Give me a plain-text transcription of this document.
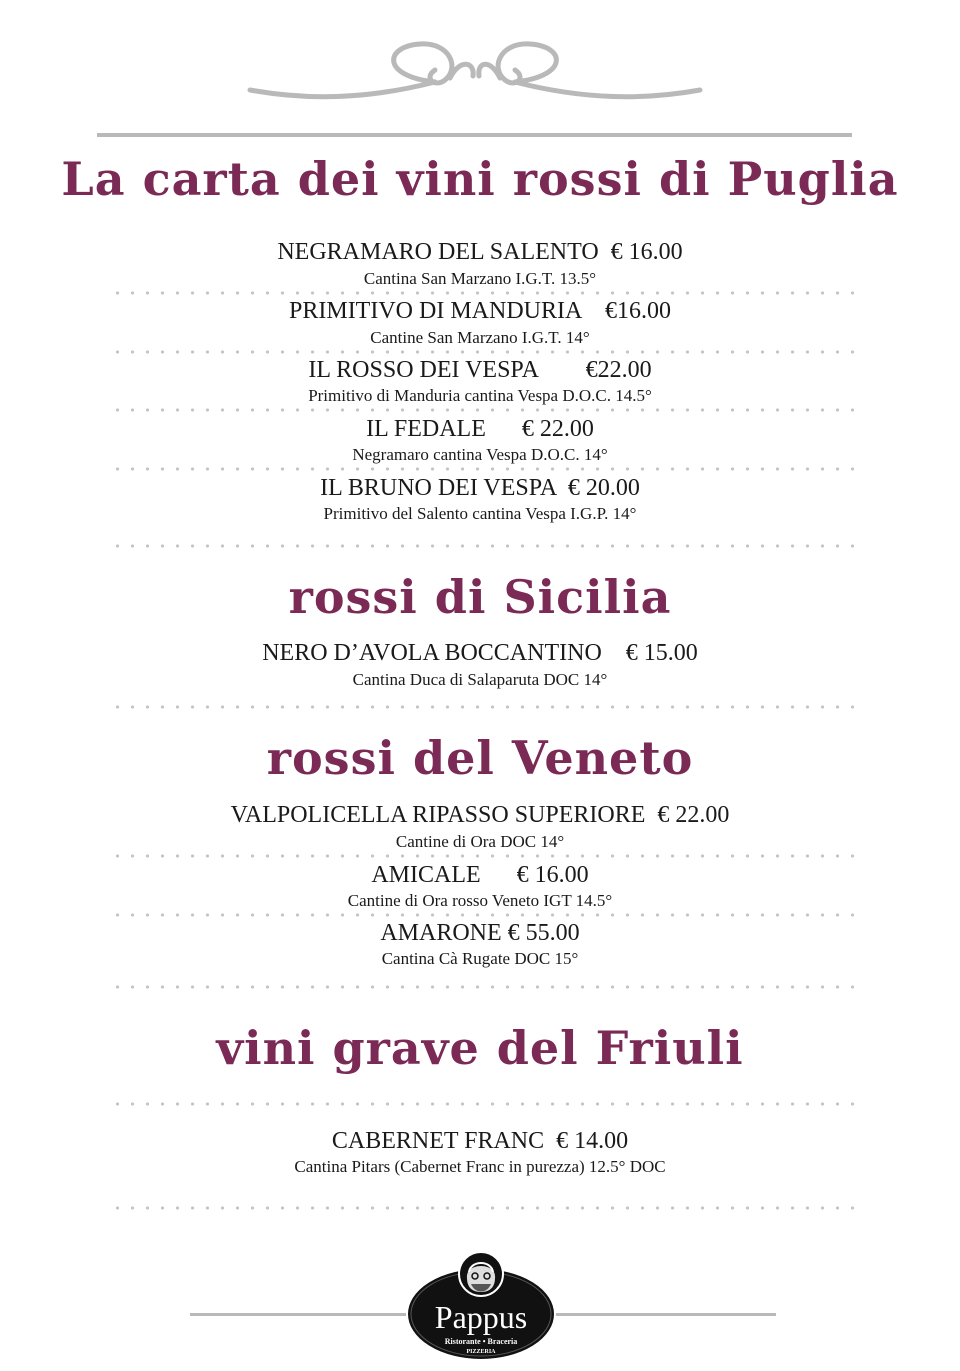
La carta dei vini rossi di Puglia
NEGRAMARO DEL SALENTO € 16.00
Cantina San Marzano I.G.T. 13.5°
PRIMITIVO DI MANDURIA €16.00
Cantine San Marzano I.G.T. 14°
IL ROSSO DEI VESPA €22.00
Primitivo di Manduria cantina Vespa D.O.C. 14.5°
IL FEDALE € 22.00
Negramaro cantina Vespa D.O.C. 14°
IL BRUNO DEI VESPA € 20.00
Primitivo del Salento cantina Vespa I.G.P. 14°
rossi di Sicilia
NERO D’AVOLA BOCCANTINO € 15.00
Cantina Duca di Salaparuta DOC 14°
rossi del Veneto
VALPOLICELLA RIPASSO SUPERIORE € 22.00
Cantine di Ora DOC 14°
AMICALE € 16.00
Cantine di Ora rosso Veneto IGT 14.5°
AMARONE € 55.00
Cantina Cà Rugate DOC 15°
vini grave del Friuli
CABERNET FRANC € 14.00
Cantina Pitars (Cabernet Franc in purezza) 12.5° DOC
Pappus
Ristorante • Braceria
PIZZERIA
